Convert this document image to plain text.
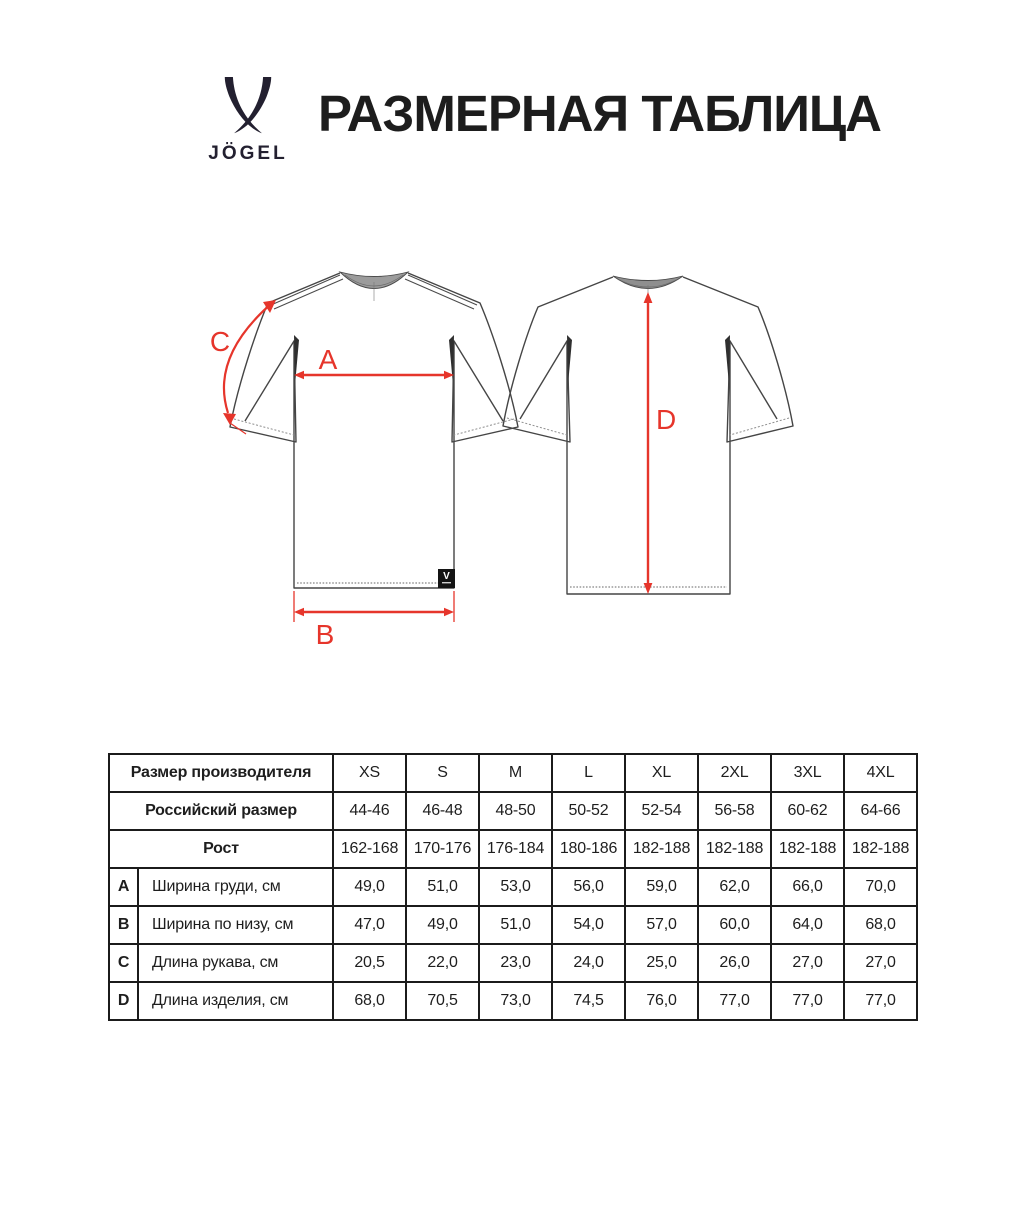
JÖGEL
РАЗМЕРНАЯ ТАБЛИЦА
V
A
B
C
D
Размер производителя		XS	S	M	L	XL	2XL	3XL	4XL
Российский размер		44-46	46-48	48-50	50-52	52-54	56-58	60-62	64-66
Рост		162-168	170-176	176-184	180-186	182-188	182-188	182-188	182-188
A	Ширина груди, см	49,0	51,0	53,0	56,0	59,0	62,0	66,0	70,0
B	Ширина по низу, см	47,0	49,0	51,0	54,0	57,0	60,0	64,0	68,0
C	Длина рукава, см	20,5	22,0	23,0	24,0	25,0	26,0	27,0	27,0
D	Длина изделия, см	68,0	70,5	73,0	74,5	76,0	77,0	77,0	77,0
